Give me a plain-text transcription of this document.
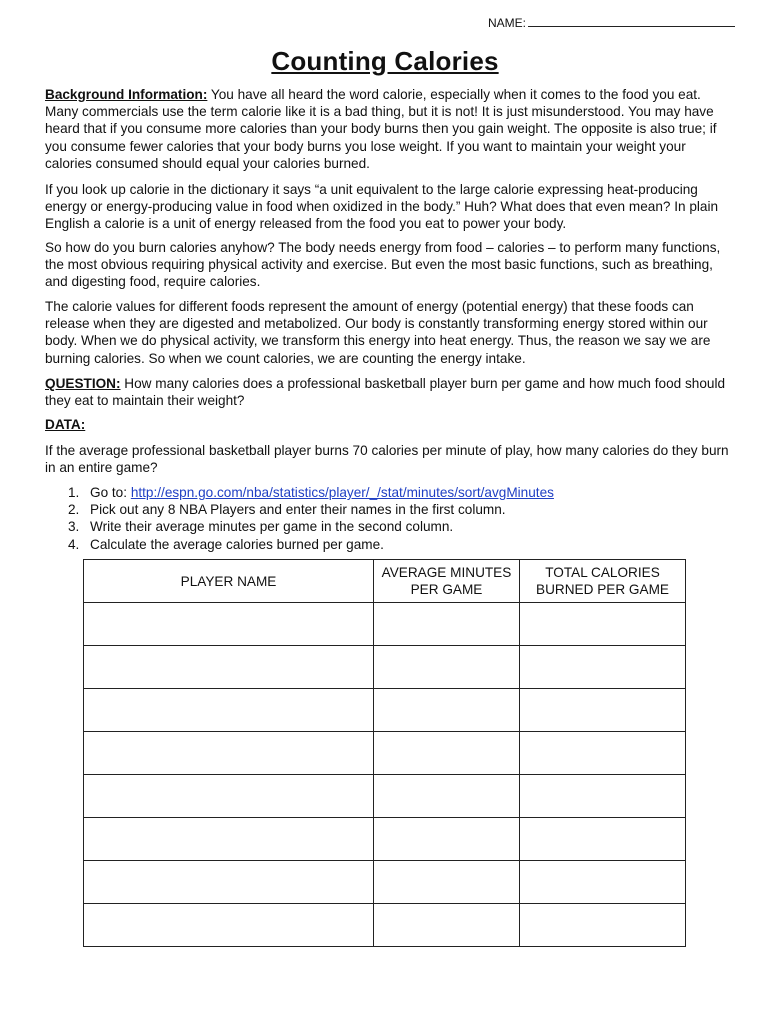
NAME:
Counting Calories

Background Information: You have all heard the word calorie, especially when it comes to the food you eat. Many commercials use the term calorie like it is a bad thing, but it is not! It is just misunderstood. You may have heard that if you consume more calories than your body burns then you gain weight. The opposite is also true; if you consume fewer calories that your body burns you lose weight. If you want to maintain your weight your calories consumed should equal your calories burned.

If you look up calorie in the dictionary it says “a unit equivalent to the large calorie expressing heat-producing energy or energy-producing value in food when oxidized in the body.” Huh? What does that even mean? In plain English a calorie is a unit of energy released from the food you eat to power your body.
So how do you burn calories anyhow? The body needs energy from food – calories – to perform many functions, the most obvious requiring physical activity and exercise. But even the most basic functions, such as breathing, and digesting food, require calories.
The calorie values for different foods represent the amount of energy (potential energy) that these foods can release when they are digested and metabolized. Our body is constantly transforming energy stored within our body. When we do physical activity, we transform this energy into heat energy. Thus, the reason we say we are burning calories. So when we count calories, we are counting the energy intake.

QUESTION: How many calories does a professional basketball player burn per game and how much food should they eat to maintain their weight?

DATA:
If the average professional basketball player burns 70 calories per minute of play, how many calories do they burn in an entire game?
1. Go to: http://espn.go.com/nba/statistics/player/_/stat/minutes/sort/avgMinutes
2. Pick out any 8 NBA Players and enter their names in the first column.
3. Write their average minutes per game in the second column.
4. Calculate the average calories burned per game.
PLAYER NAME	AVERAGE MINUTES PER GAME	TOTAL CALORIES BURNED PER GAME
